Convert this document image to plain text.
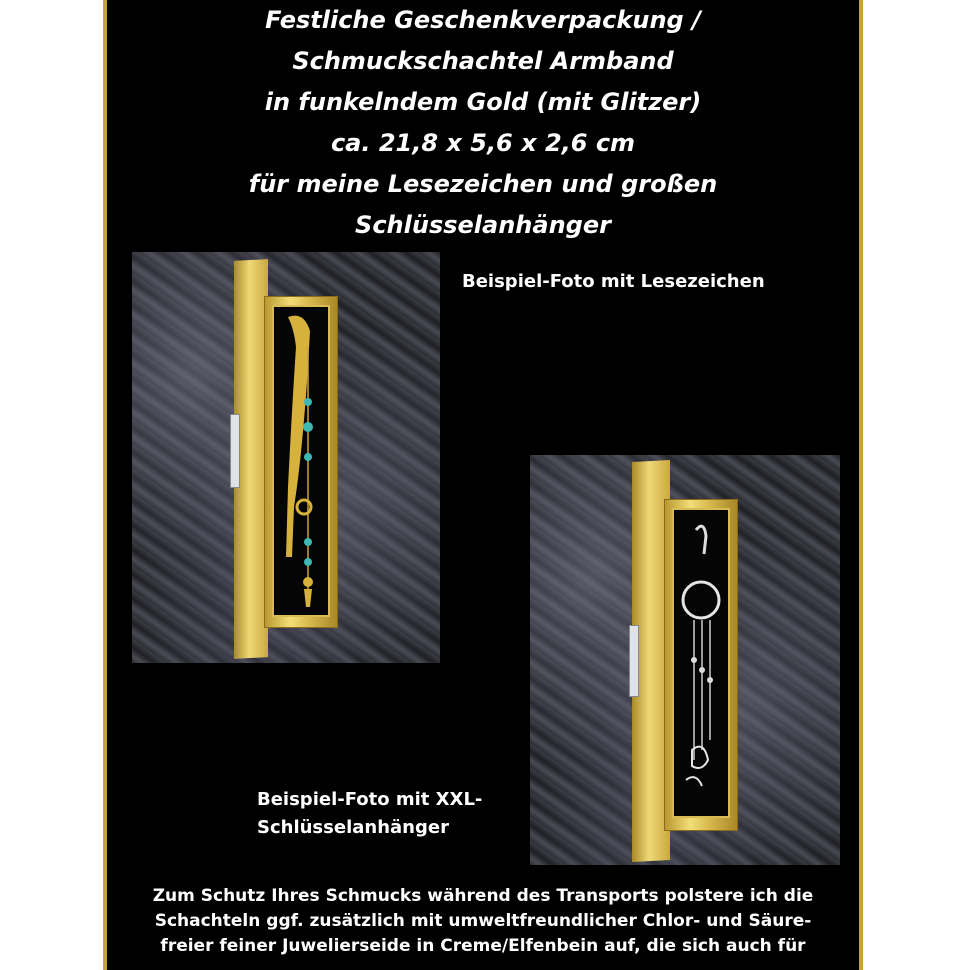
Festliche Geschenkverpackung /
Schmuckschachtel Armband
in funkelndem Gold (mit Glitzer)
ca. 21,8 x 5,6 x 2,6 cm
für meine Lesezeichen und großen
Schlüsselanhänger
Beispiel-Foto mit Lesezeichen
Beispiel-Foto mit XXL-
Schlüsselanhänger
Zum Schutz Ihres Schmucks während des Transports polstere ich die
Schachteln ggf. zusätzlich mit umweltfreundlicher Chlor- und Säure-
freier feiner Juwelierseide in Creme/Elfenbein auf, die sich auch für
